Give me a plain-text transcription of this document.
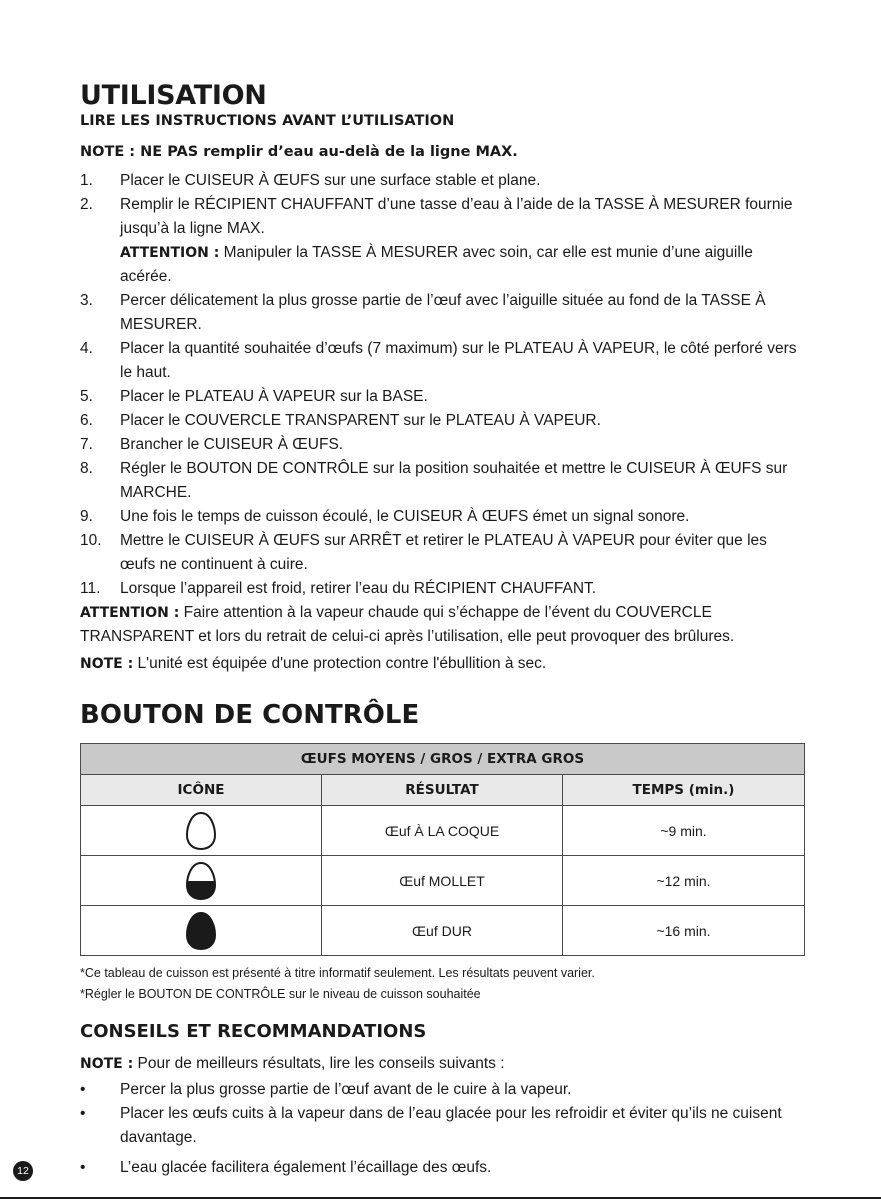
UTILISATION
LIRE LES INSTRUCTIONS AVANT L’UTILISATION
NOTE : NE PAS remplir d’eau au-delà de la ligne MAX.
1.	Placer le CUISEUR À ŒUFS sur une surface stable et plane.
2.	Remplir le RÉCIPIENT CHAUFFANT d’une tasse d’eau à l’aide de la TASSE À MESURER fournie jusqu’à la ligne MAX.
ATTENTION : Manipuler la TASSE À MESURER avec soin, car elle est munie d’une aiguille acérée.
3.	Percer délicatement la plus grosse partie de l’œuf avec l’aiguille située au fond de la TASSE À MESURER.
4.	Placer la quantité souhaitée d’œufs (7 maximum) sur le PLATEAU À VAPEUR, le côté perforé vers le haut.
5.	Placer le PLATEAU À VAPEUR sur la BASE.
6.	Placer le COUVERCLE TRANSPARENT sur le PLATEAU À VAPEUR.
7.	Brancher le CUISEUR À ŒUFS.
8.	Régler le BOUTON DE CONTRÔLE sur la position souhaitée et mettre le CUISEUR À ŒUFS sur MARCHE.
9.	Une fois le temps de cuisson écoulé, le CUISEUR À ŒUFS émet un signal sonore.
10.	Mettre le CUISEUR À ŒUFS sur ARRÊT et retirer le PLATEAU À VAPEUR pour éviter que les œufs ne continuent à cuire.
11.	Lorsque l’appareil est froid, retirer l’eau du RÉCIPIENT CHAUFFANT.

ATTENTION : Faire attention à la vapeur chaude qui s’échappe de l’évent du COUVERCLE TRANSPARENT et lors du retrait de celui-ci après l’utilisation, elle peut provoquer des brûlures.

NOTE : L'unité est équipée d'une protection contre l'ébullition à sec.

BOUTON DE CONTRÔLE
ŒUFS MOYENS / GROS / EXTRA GROS		
ICÔNE	RÉSULTAT	TEMPS (min.)
	Œuf À LA COQUE	~9 min.
	Œuf MOLLET	~12 min.
	Œuf DUR	~16 min.
*Ce tableau de cuisson est présenté à titre informatif seulement. Les résultats peuvent varier.
*Régler le BOUTON DE CONTRÔLE sur le niveau de cuisson souhaitée
CONSEILS ET RECOMMANDATIONS

NOTE : Pour de meilleurs résultats, lire les conseils suivants :

•	Percer la plus grosse partie de l’œuf avant de le cuire à la vapeur.
•	Placer les œufs cuits à la vapeur dans de l’eau glacée pour les refroidir et éviter qu’ils ne cuisent davantage.
•	L’eau glacée facilitera également l’écaillage des œufs.
12
